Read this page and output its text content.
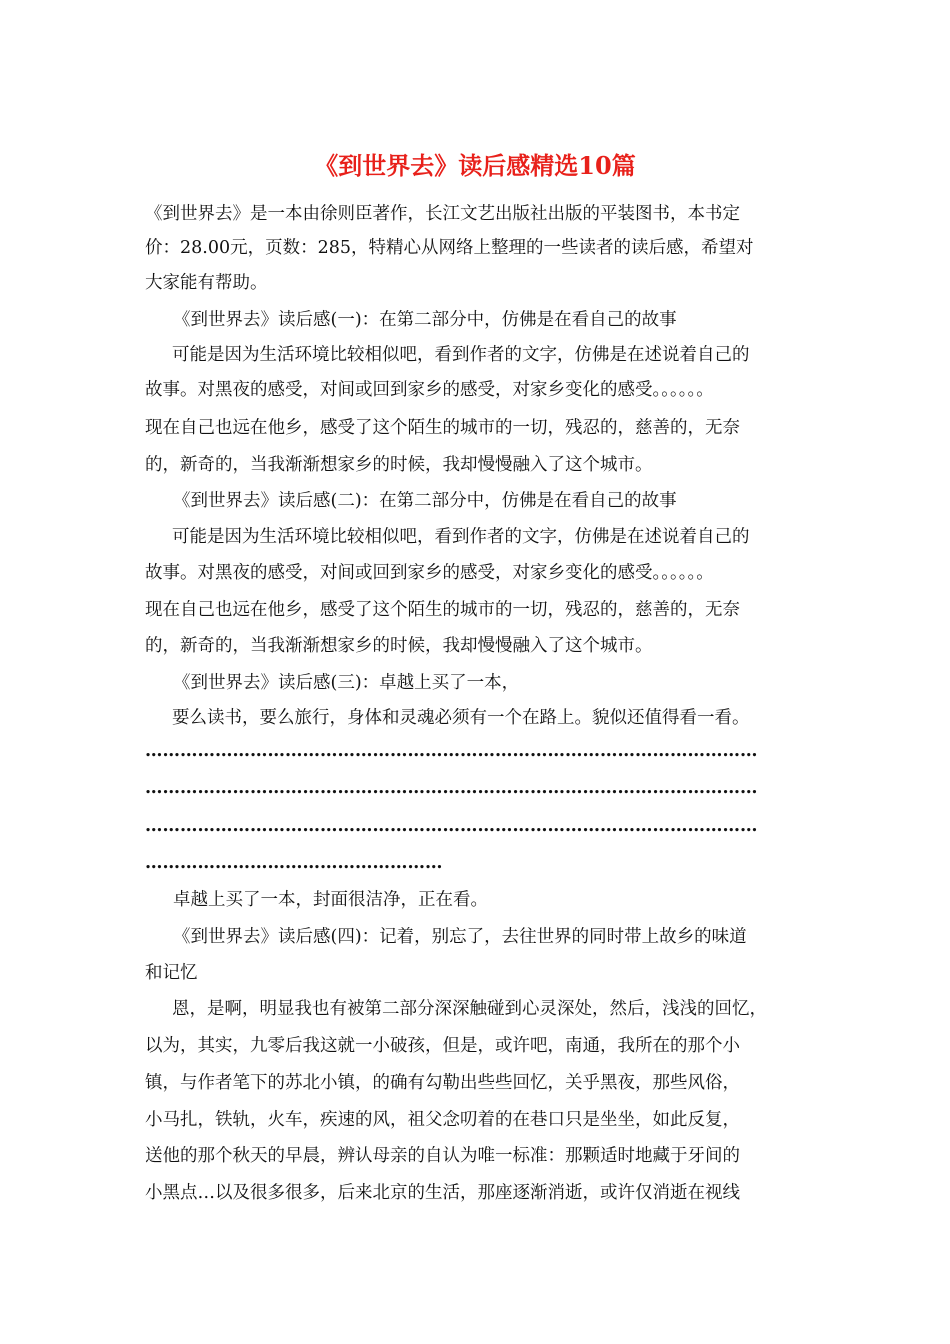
《到世界去》读后感精选10篇
《到世界去》是一本由徐则臣著作，长江文艺出版社出版的平装图书，本书定
价：28.00元，页数：285，特精心从网络上整理的一些读者的读后感，希望对
大家能有帮助。
《到世界去》读后感(一)：在第二部分中，仿佛是在看自己的故事
可能是因为生活环境比较相似吧，看到作者的文字，仿佛是在述说着自己的
故事。对黑夜的感受，对间或回到家乡的感受，对家乡变化的感受。。。。。。
现在自己也远在他乡，感受了这个陌生的城市的一切，残忍的，慈善的，无奈
的，新奇的，当我渐渐想家乡的时候，我却慢慢融入了这个城市。
《到世界去》读后感(二)：在第二部分中，仿佛是在看自己的故事
可能是因为生活环境比较相似吧，看到作者的文字，仿佛是在述说着自己的
故事。对黑夜的感受，对间或回到家乡的感受，对家乡变化的感受。。。。。。
现在自己也远在他乡，感受了这个陌生的城市的一切，残忍的，慈善的，无奈
的，新奇的，当我渐渐想家乡的时候，我却慢慢融入了这个城市。
《到世界去》读后感(三)：卓越上买了一本，
要么读书，要么旅行，身体和灵魂必须有一个在路上。貌似还值得看一看。
……………………………………………………………………………………………
……………………………………………………………………………………………
……………………………………………………………………………………………
……………………………………………
卓越上买了一本，封面很洁净，正在看。
《到世界去》读后感(四)：记着，别忘了，去往世界的同时带上故乡的味道
和记忆
恩，是啊，明显我也有被第二部分深深触碰到心灵深处，然后，浅浅的回忆，
以为，其实，九零后我这就一小破孩，但是，或许吧，南通，我所在的那个小
镇，与作者笔下的苏北小镇，的确有勾勒出些些回忆，关乎黑夜，那些风俗，
小马扎，铁轨，火车，疾速的风，祖父念叨着的在巷口只是坐坐，如此反复，
送他的那个秋天的早晨，辨认母亲的自认为唯一标准：那颗适时地藏于牙间的
小黑点…以及很多很多，后来北京的生活，那座逐渐消逝，或许仅消逝在视线
